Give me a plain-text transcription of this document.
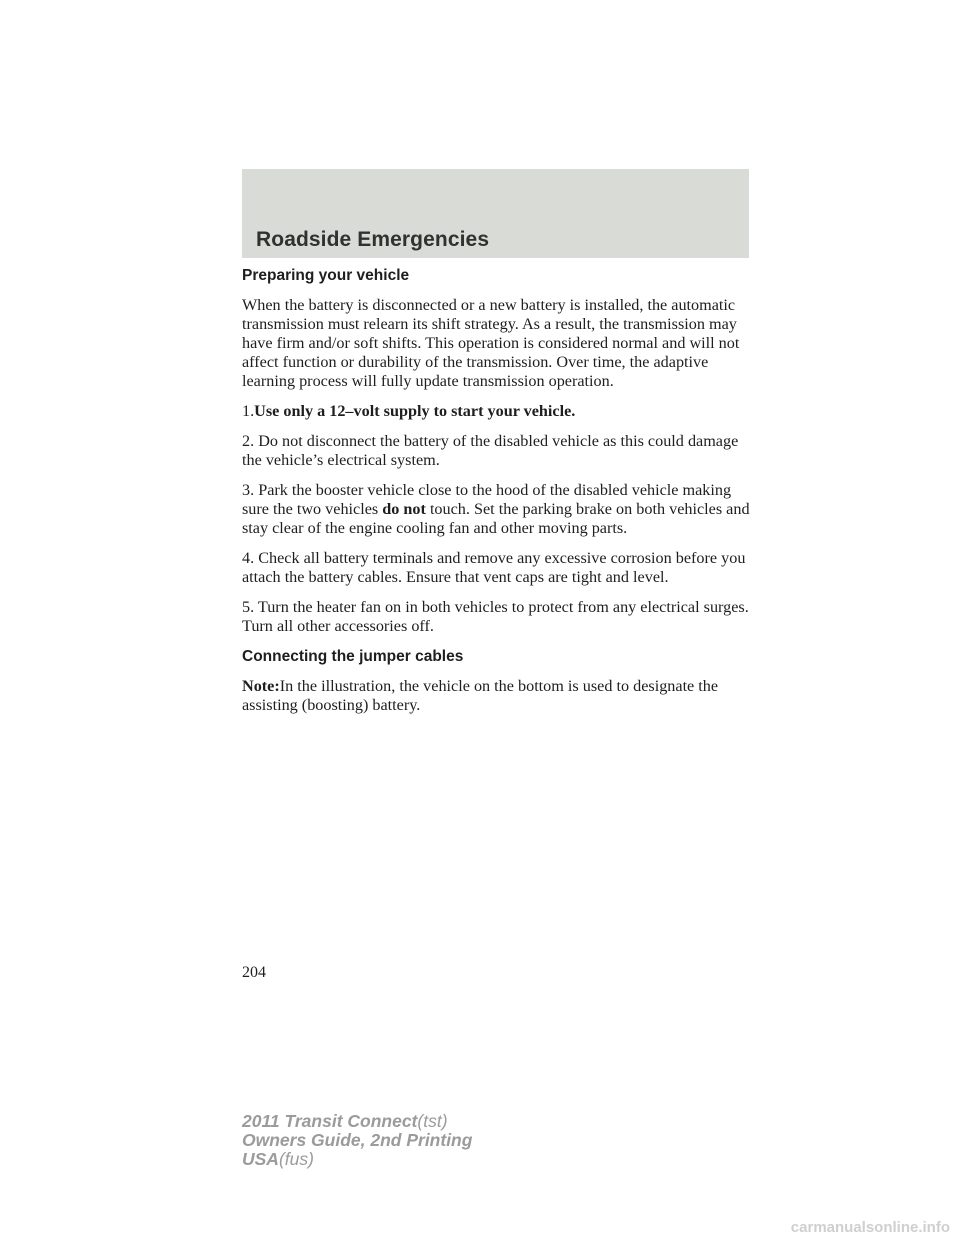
Roadside Emergencies
Preparing your vehicle

When the battery is disconnected or a new battery is installed, the automatic transmission must relearn its shift strategy. As a result, the transmission may have firm and/or soft shifts. This operation is considered normal and will not affect function or durability of the transmission. Over time, the adaptive learning process will fully update transmission operation.

1.Use only a 12–volt supply to start your vehicle.

2. Do not disconnect the battery of the disabled vehicle as this could damage the vehicle’s electrical system.

3. Park the booster vehicle close to the hood of the disabled vehicle making sure the two vehicles do not touch. Set the parking brake on both vehicles and stay clear of the engine cooling fan and other moving parts.

4. Check all battery terminals and remove any excessive corrosion before you attach the battery cables. Ensure that vent caps are tight and level.

5. Turn the heater fan on in both vehicles to protect from any electrical surges. Turn all other accessories off.

Connecting the jumper cables

Note:In the illustration, the vehicle on the bottom is used to designate the assisting (boosting) battery.

204
2011 Transit Connect(tst)
Owners Guide, 2nd Printing
USA(fus)
carmanualsonline.info
